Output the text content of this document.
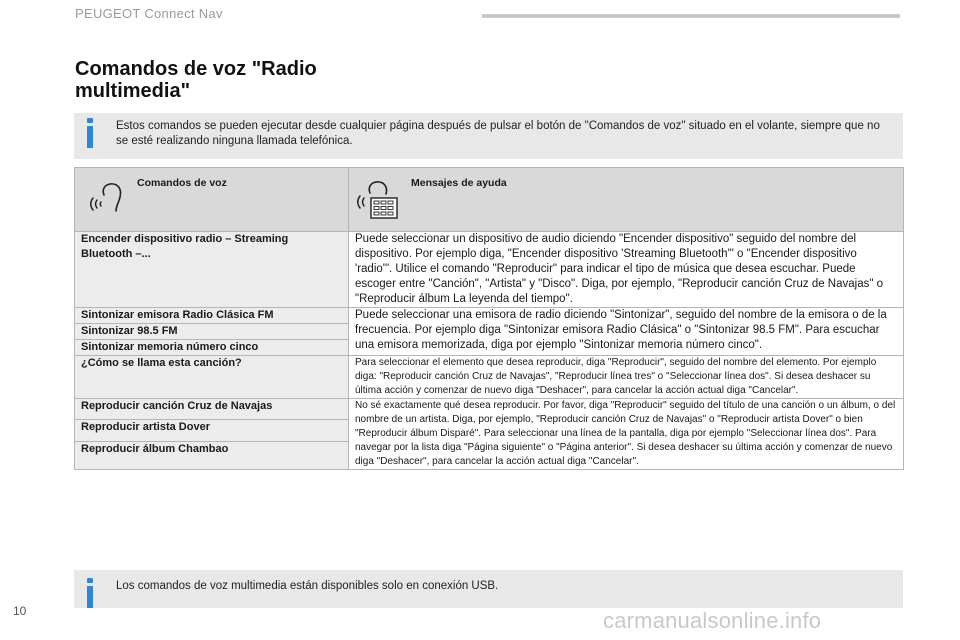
PEUGEOT Connect Nav
Comandos de voz "Radio multimedia"
Estos comandos se pueden ejecutar desde cualquier página después de pulsar el botón de "Comandos de voz" situado en el volante, siempre que no se esté realizando ninguna llamada telefónica.
Comandos de voz	Mensajes de ayuda

Encender dispositivo radio – Streaming Bluetooth –...	Puede seleccionar un dispositivo de audio diciendo "Encender dispositivo" seguido del nombre del dispositivo. Por ejemplo diga, "Encender dispositivo 'Streaming Bluetooth'" o "Encender dispositivo 'radio'". Utilice el comando "Reproducir" para indicar el tipo de música que desea escuchar. Puede escoger entre "Canción", "Artista" y "Disco". Diga, por ejemplo, "Reproducir canción Cruz de Navajas" o "Reproducir álbum La leyenda del tiempo".
Sintonizar emisora Radio Clásica FM	Puede seleccionar una emisora de radio diciendo "Sintonizar", seguido del nombre de la emisora o de la frecuencia. Por ejemplo diga "Sintonizar emisora Radio Clásica" o "Sintonizar 98.5 FM". Para escuchar una emisora memorizada, diga por ejemplo "Sintonizar memoria número cinco".
Sintonizar 98.5 FM	
Sintonizar memoria número cinco	
¿Cómo se llama esta canción?	Para seleccionar el elemento que desea reproducir, diga "Reproducir", seguido del nombre del elemento. Por ejemplo diga: "Reproducir canción Cruz de Navajas", "Reproducir línea tres" o "Seleccionar línea dos". Si desea deshacer su última acción y comenzar de nuevo diga "Deshacer", para cancelar la acción actual diga "Cancelar".
Reproducir canción Cruz de Navajas	No sé exactamente qué desea reproducir. Por favor, diga "Reproducir" seguido del título de una canción o un álbum, o del nombre de un artista. Diga, por ejemplo, "Reproducir canción Cruz de Navajas" o "Reproducir artista Dover" o bien "Reproducir álbum Disparé". Para seleccionar una línea de la pantalla, diga por ejemplo "Seleccionar línea dos". Para navegar por la lista diga "Página siguiente" o "Página anterior". Si desea deshacer su última acción y comenzar de nuevo diga "Deshacer", para cancelar la acción actual diga "Cancelar".
Reproducir artista Dover	
Reproducir álbum Chambao	
Los comandos de voz multimedia están disponibles solo en conexión USB.
10	carmanualsonline.info
